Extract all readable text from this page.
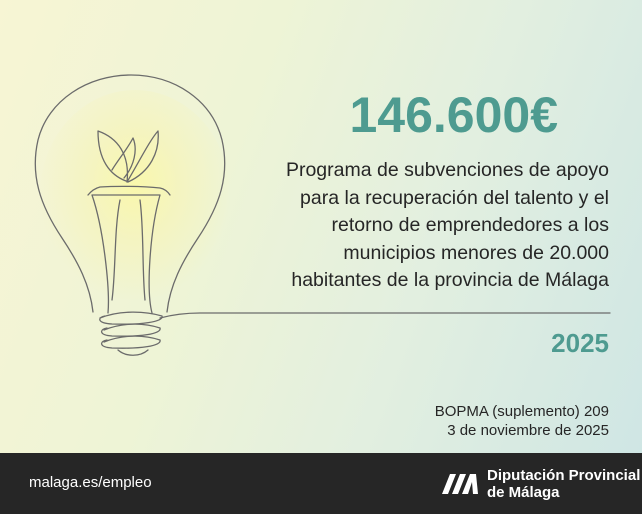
146.600€
Programa de subvenciones de apoyo
para la recuperación del talento y el
retorno de emprendedores a los
municipios menores de 20.000
habitantes de la provincia de Málaga
2025
BOPMA (suplemento) 209
3 de noviembre de 2025
malaga.es/empleo	Diputación Provincial
de Málaga
